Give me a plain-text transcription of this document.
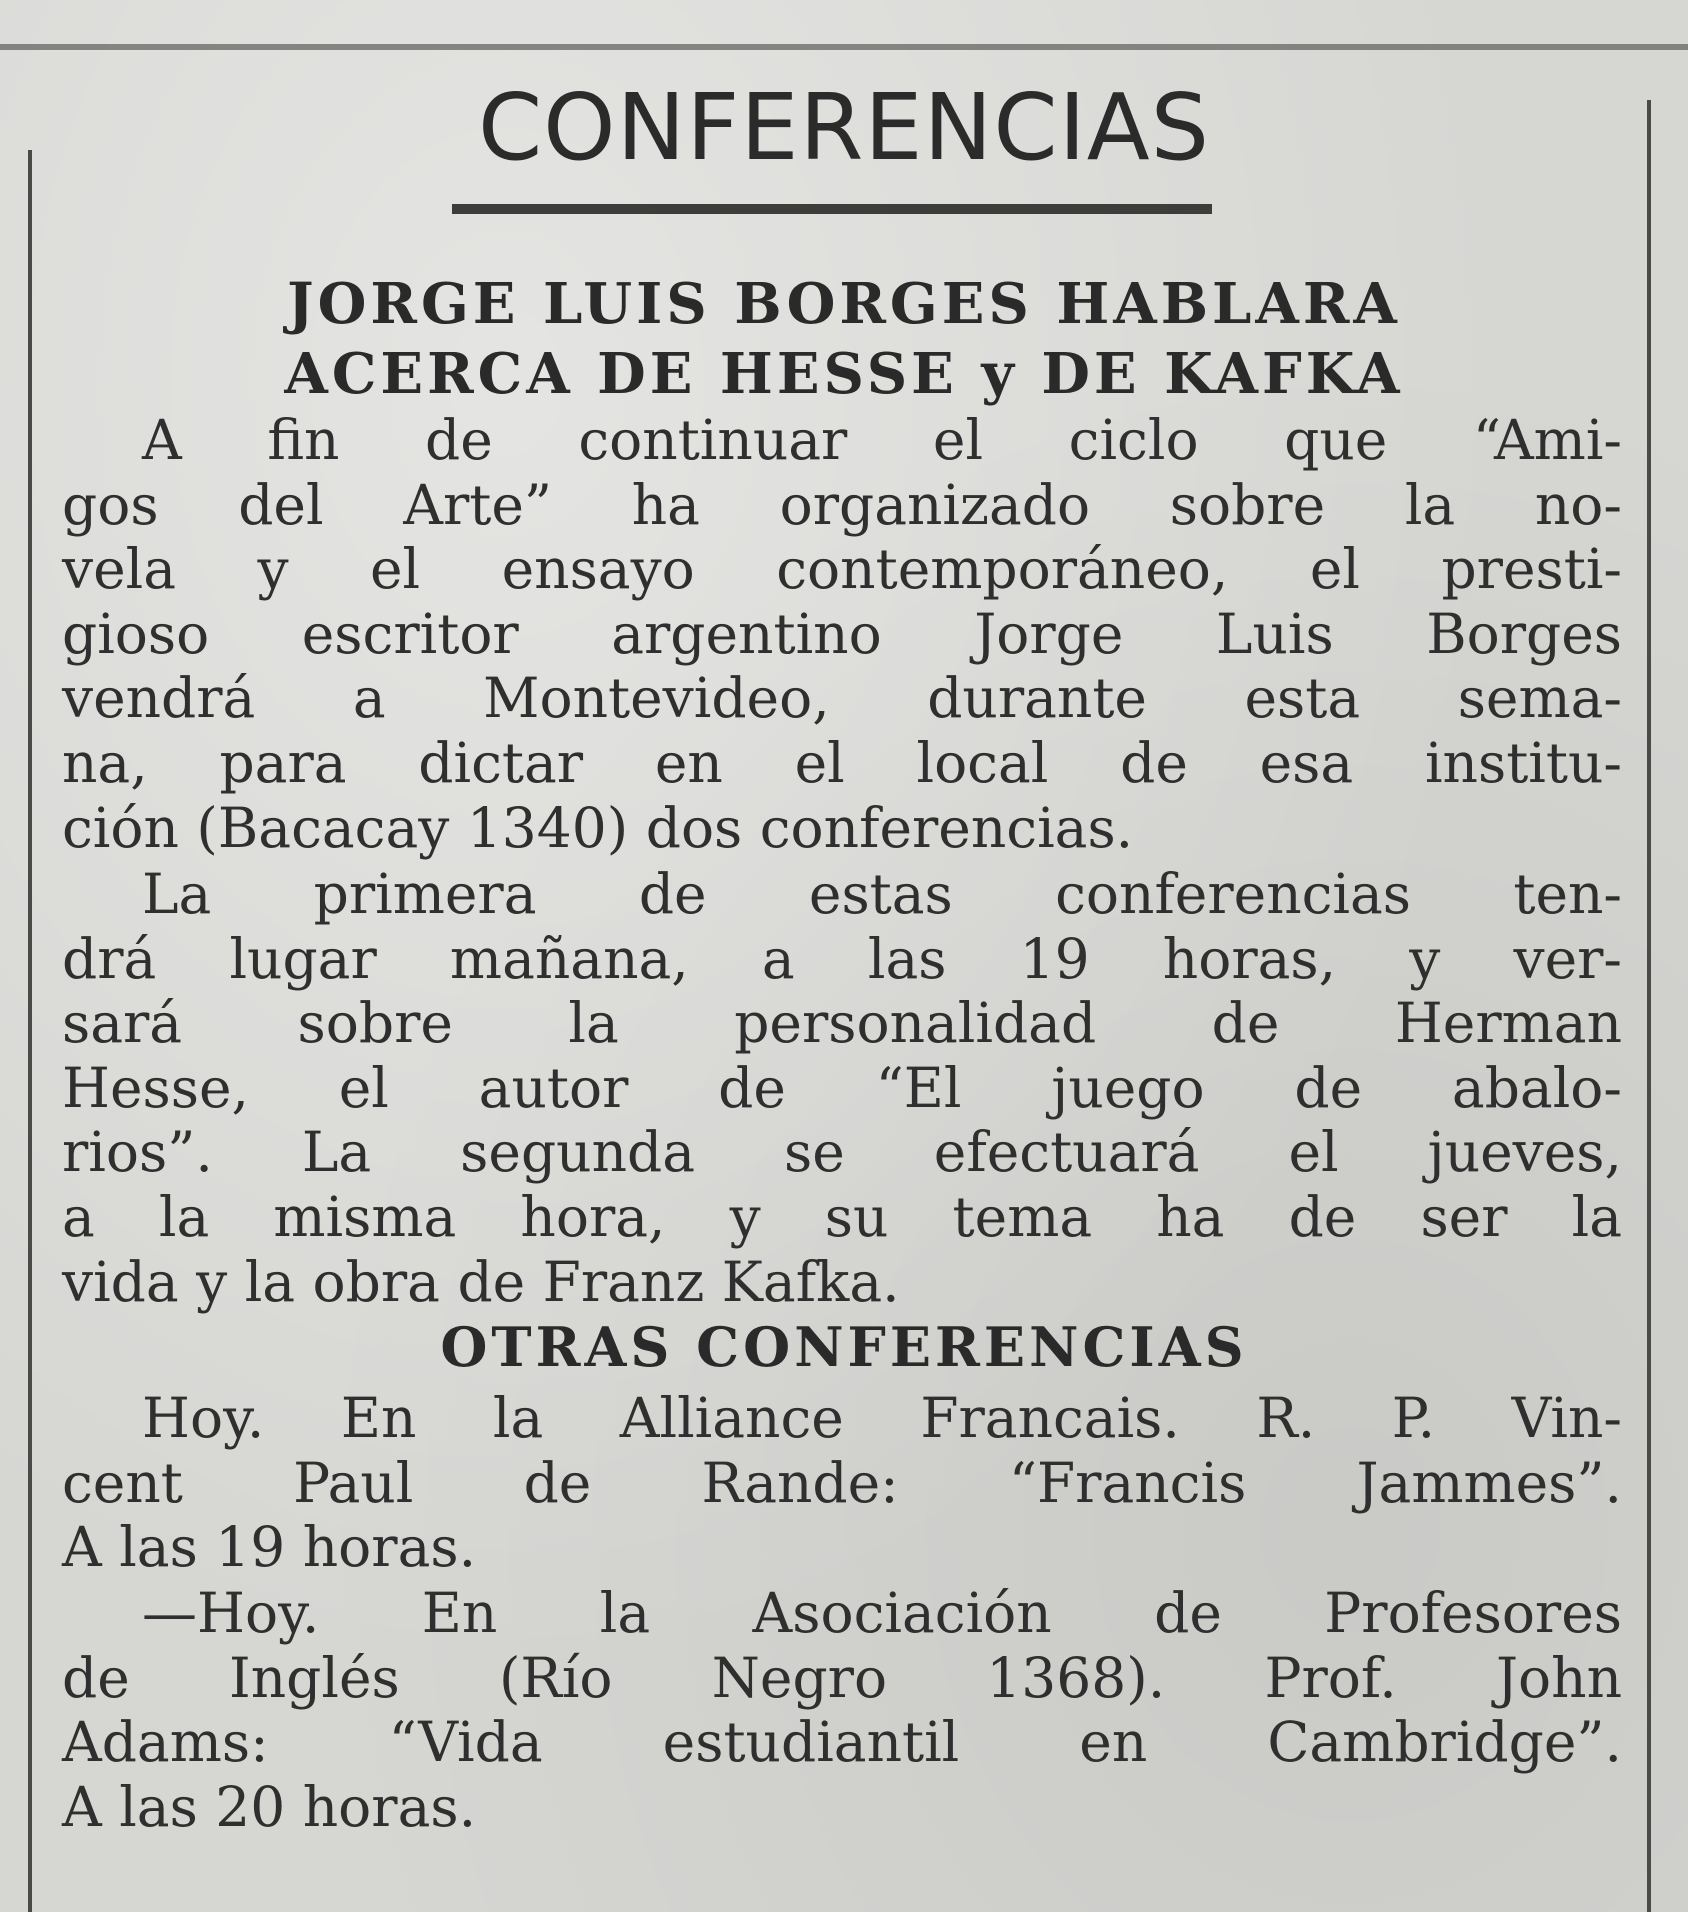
CONFERENCIAS
JORGE LUIS BORGES HABLARA
ACERCA DE HESSE y DE KAFKA
A fin de continuar el ciclo que “Ami-
gos del Arte” ha organizado sobre la no-
vela y el ensayo contemporáneo, el presti-
gioso escritor argentino Jorge Luis Borges
vendrá a Montevideo, durante esta sema-
na, para dictar en el local de esa institu-
ción (Bacacay 1340) dos conferencias.
La primera de estas conferencias ten-
drá lugar mañana, a las 19 horas, y ver-
sará sobre la personalidad de Herman
Hesse, el autor de “El juego de abalo-
rios”. La segunda se efectuará el jueves,
a la misma hora, y su tema ha de ser la
vida y la obra de Franz Kafka.
OTRAS CONFERENCIAS
Hoy. En la Alliance Francais. R. P. Vin-
cent Paul de Rande: “Francis Jammes”.
A las 19 horas.
—Hoy. En la Asociación de Profesores
de Inglés (Río Negro 1368). Prof. John
Adams: “Vida estudiantil en Cambridge”.
A las 20 horas.
